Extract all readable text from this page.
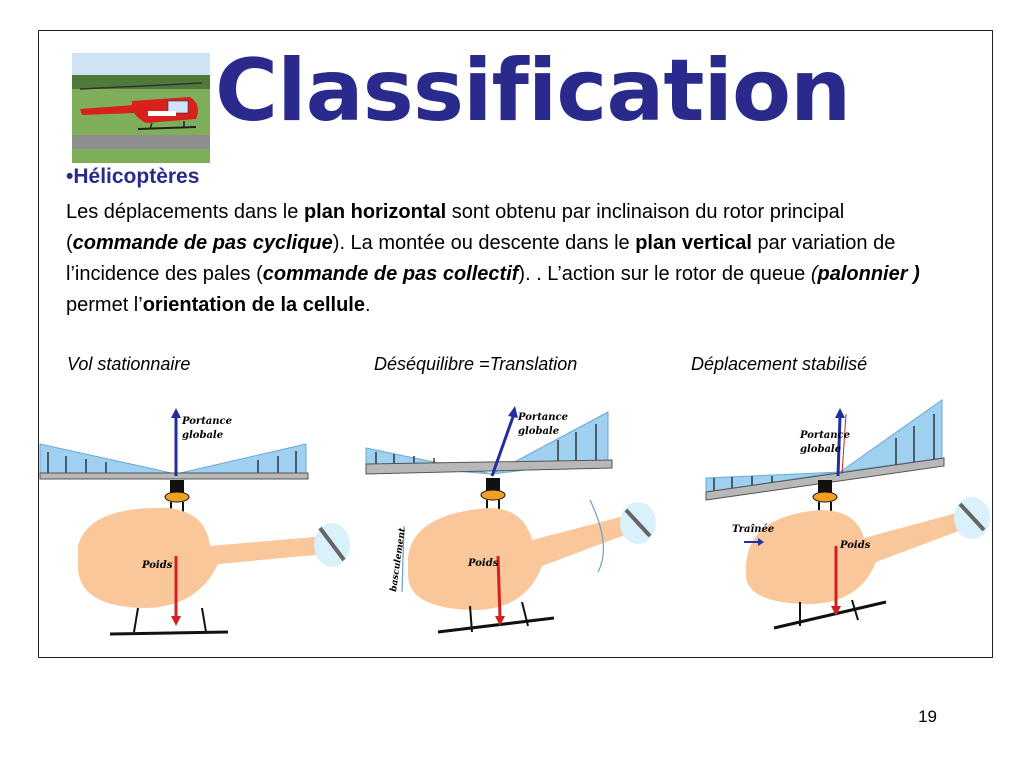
Classification
•Hélicoptères
Les déplacements dans le plan horizontal sont obtenu par inclinaison du rotor principal (commande de pas cyclique). La montée ou descente dans le plan vertical par variation de l’incidence des pales (commande de pas collectif). . L’action sur le rotor de queue (palonnier ) permet l’orientation de la cellule.
Vol stationnaire	Déséquilibre =Translation	Déplacement stabilisé
Portance
globale
Poids
Portance
globale
Poids
basculement
Portance
globale
Poids
Traînée
19
